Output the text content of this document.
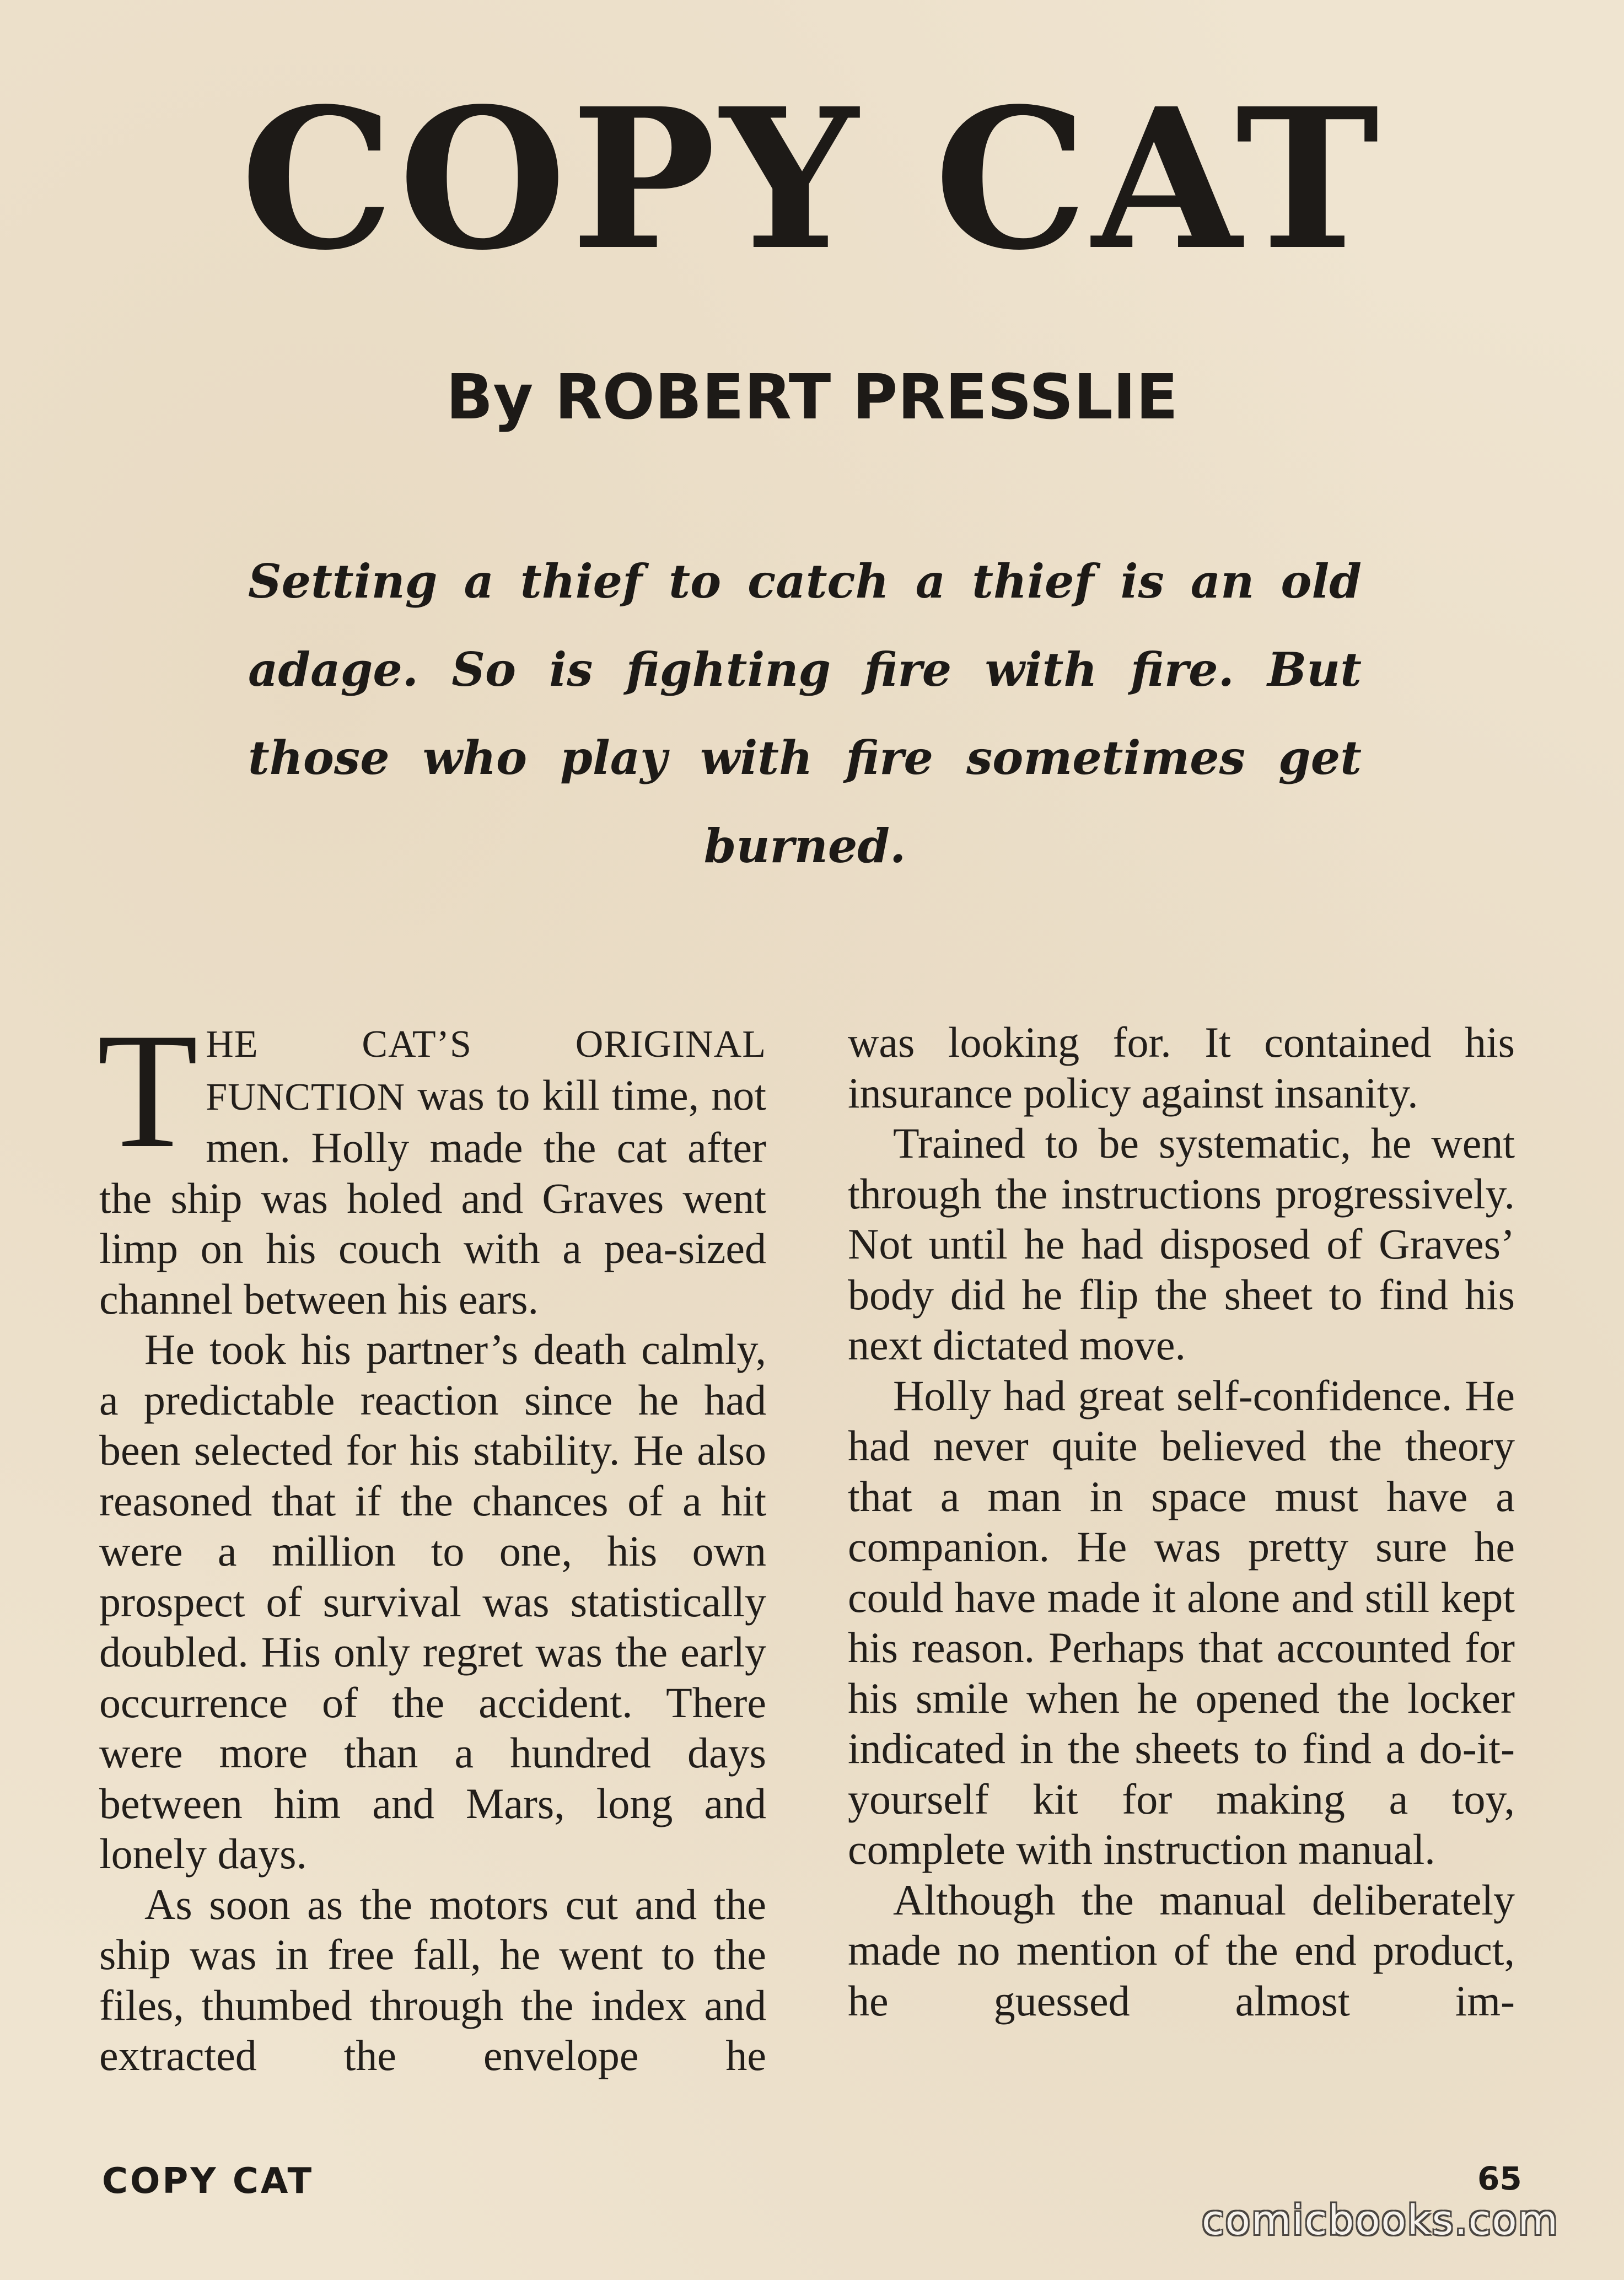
COPY CAT
By ROBERT PRESSLIE

Setting a thief to catch a thief is an old adage. So is fighting fire with fire. But those who play with fire sometimes get burned.

THE CAT’S ORIGINAL FUNCTION was to kill time, not men. Holly made the cat after the ship was holed and Graves went limp on his couch with a pea-sized channel between his ears.

He took his partner’s death calmly, a predictable reaction since he had been selected for his stability. He also reasoned that if the chances of a hit were a million to one, his own prospect of survival was statistically doubled. His only regret was the early occurrence of the accident. There were more than a hundred days between him and Mars, long and lonely days.

As soon as the motors cut and the ship was in free fall, he went to the files, thumbed through the index and extracted the envelope he

was looking for. It contained his insurance policy against insanity.

Trained to be systematic, he went through the instructions progressively. Not until he had disposed of Graves’ body did he flip the sheet to find his next dictated move.

Holly had great self-confidence. He had never quite believed the theory that a man in space must have a companion. He was pretty sure he could have made it alone and still kept his reason. Perhaps that accounted for his smile when he opened the locker indicated in the sheets to find a do-it-yourself kit for making a toy, complete with instruction manual.

Although the manual deliberately made no mention of the end product, he guessed almost im-

COPY CAT	65
comicbooks.com
